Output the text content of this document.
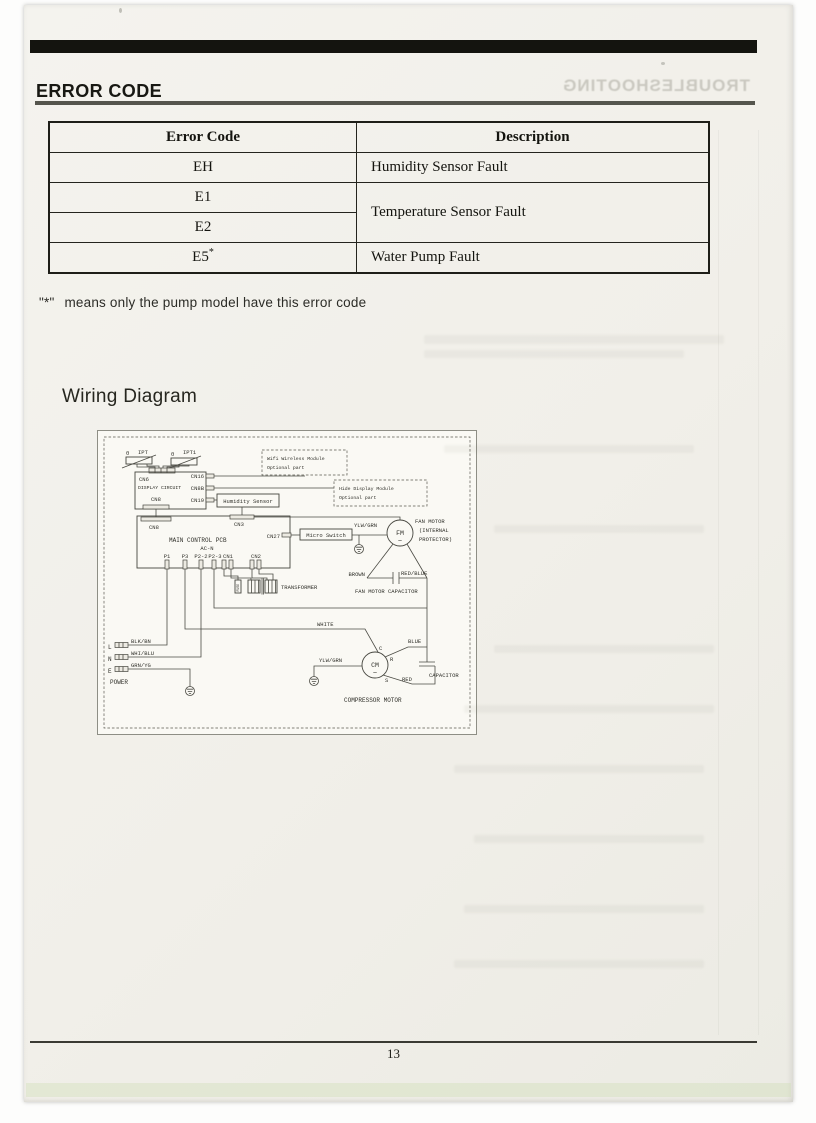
TROUBLESHOOTING
ERROR CODE
Error Code	Description
EH	Humidity Sensor Fault
E1	Temperature Sensor Fault
E2	
E5*	Water Pump Fault
"*" means only the pump model have this error code
Wiring Diagram
θ IPT	θ IPT1
CN6
DISPLAY CIRCUIT
CN8
CN16
CN8B
CN19
Wifi Wireless Module
Optional part
Hide Display Module
Optional part
Humidity Sensor
CN8	CN3
MAIN CONTROL PCB
CN27
AC-N
P1 P3 P2-2 P2-3 CN1	CN2
Micro Switch
YLW/GRN
FM
~
FAN MOTOR
(INTERNAL
PROTECTOR)
BROWN	RED/BLUE
FAN MOTOR CAPACITOR
FUSE	TRANSFORMER
L
N
E
POWER
BLK/BN
WHI/BLU
GRN/YG
WHITE
CM
~
C
R
S
BLUE
RED
CAPACITOR
YLW/GRN
COMPRESSOR MOTOR
13
